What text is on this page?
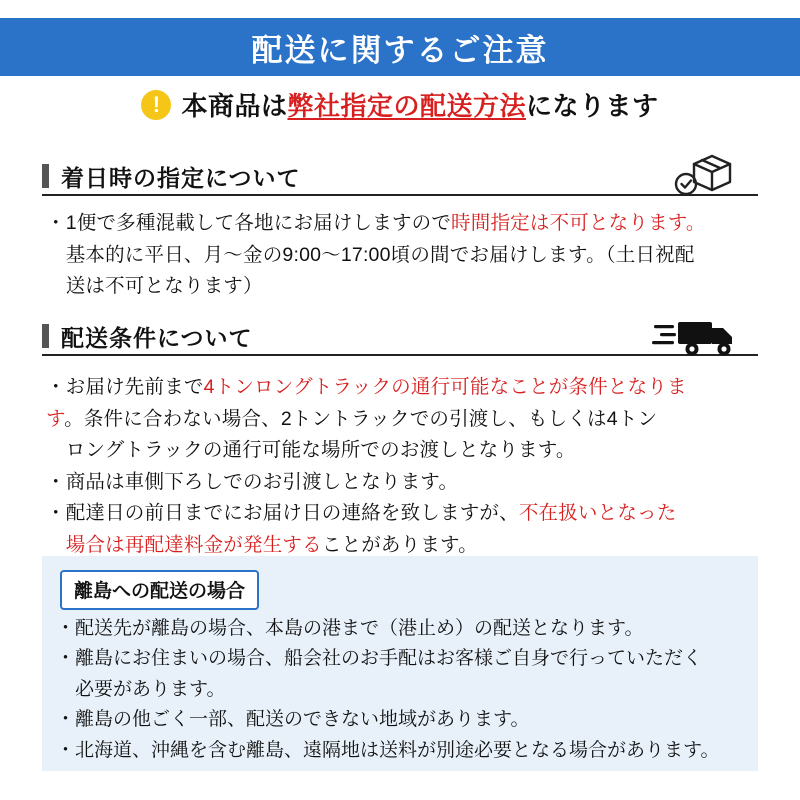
配送に関するご注意
! 本商品は弊社指定の配送方法になります
着日時の指定について
・1便で多種混載して各地にお届けしますので時間指定は不可となります。
　基本的に平日、月〜金の9:00〜17:00頃の間でお届けします。（土日祝配
　送は不可となります）
配送条件について
・お届け先前まで4トンロングトラックの通行可能なことが条件となりま
す。条件に合わない場合、2トントラックでの引渡し、もしくは4トン
　ロングトラックの通行可能な場所でのお渡しとなります。
・商品は車側下ろしでのお引渡しとなります。
・配達日の前日までにお届け日の連絡を致しますが、不在扱いとなった
　場合は再配達料金が発生することがあります。
離島への配送の場合
・配送先が離島の場合、本島の港まで（港止め）の配送となります。
・離島にお住まいの場合、船会社のお手配はお客様ご自身で行っていただく
　必要があります。
・離島の他ごく一部、配送のできない地域があります。
・北海道、沖縄を含む離島、遠隔地は送料が別途必要となる場合があります。
